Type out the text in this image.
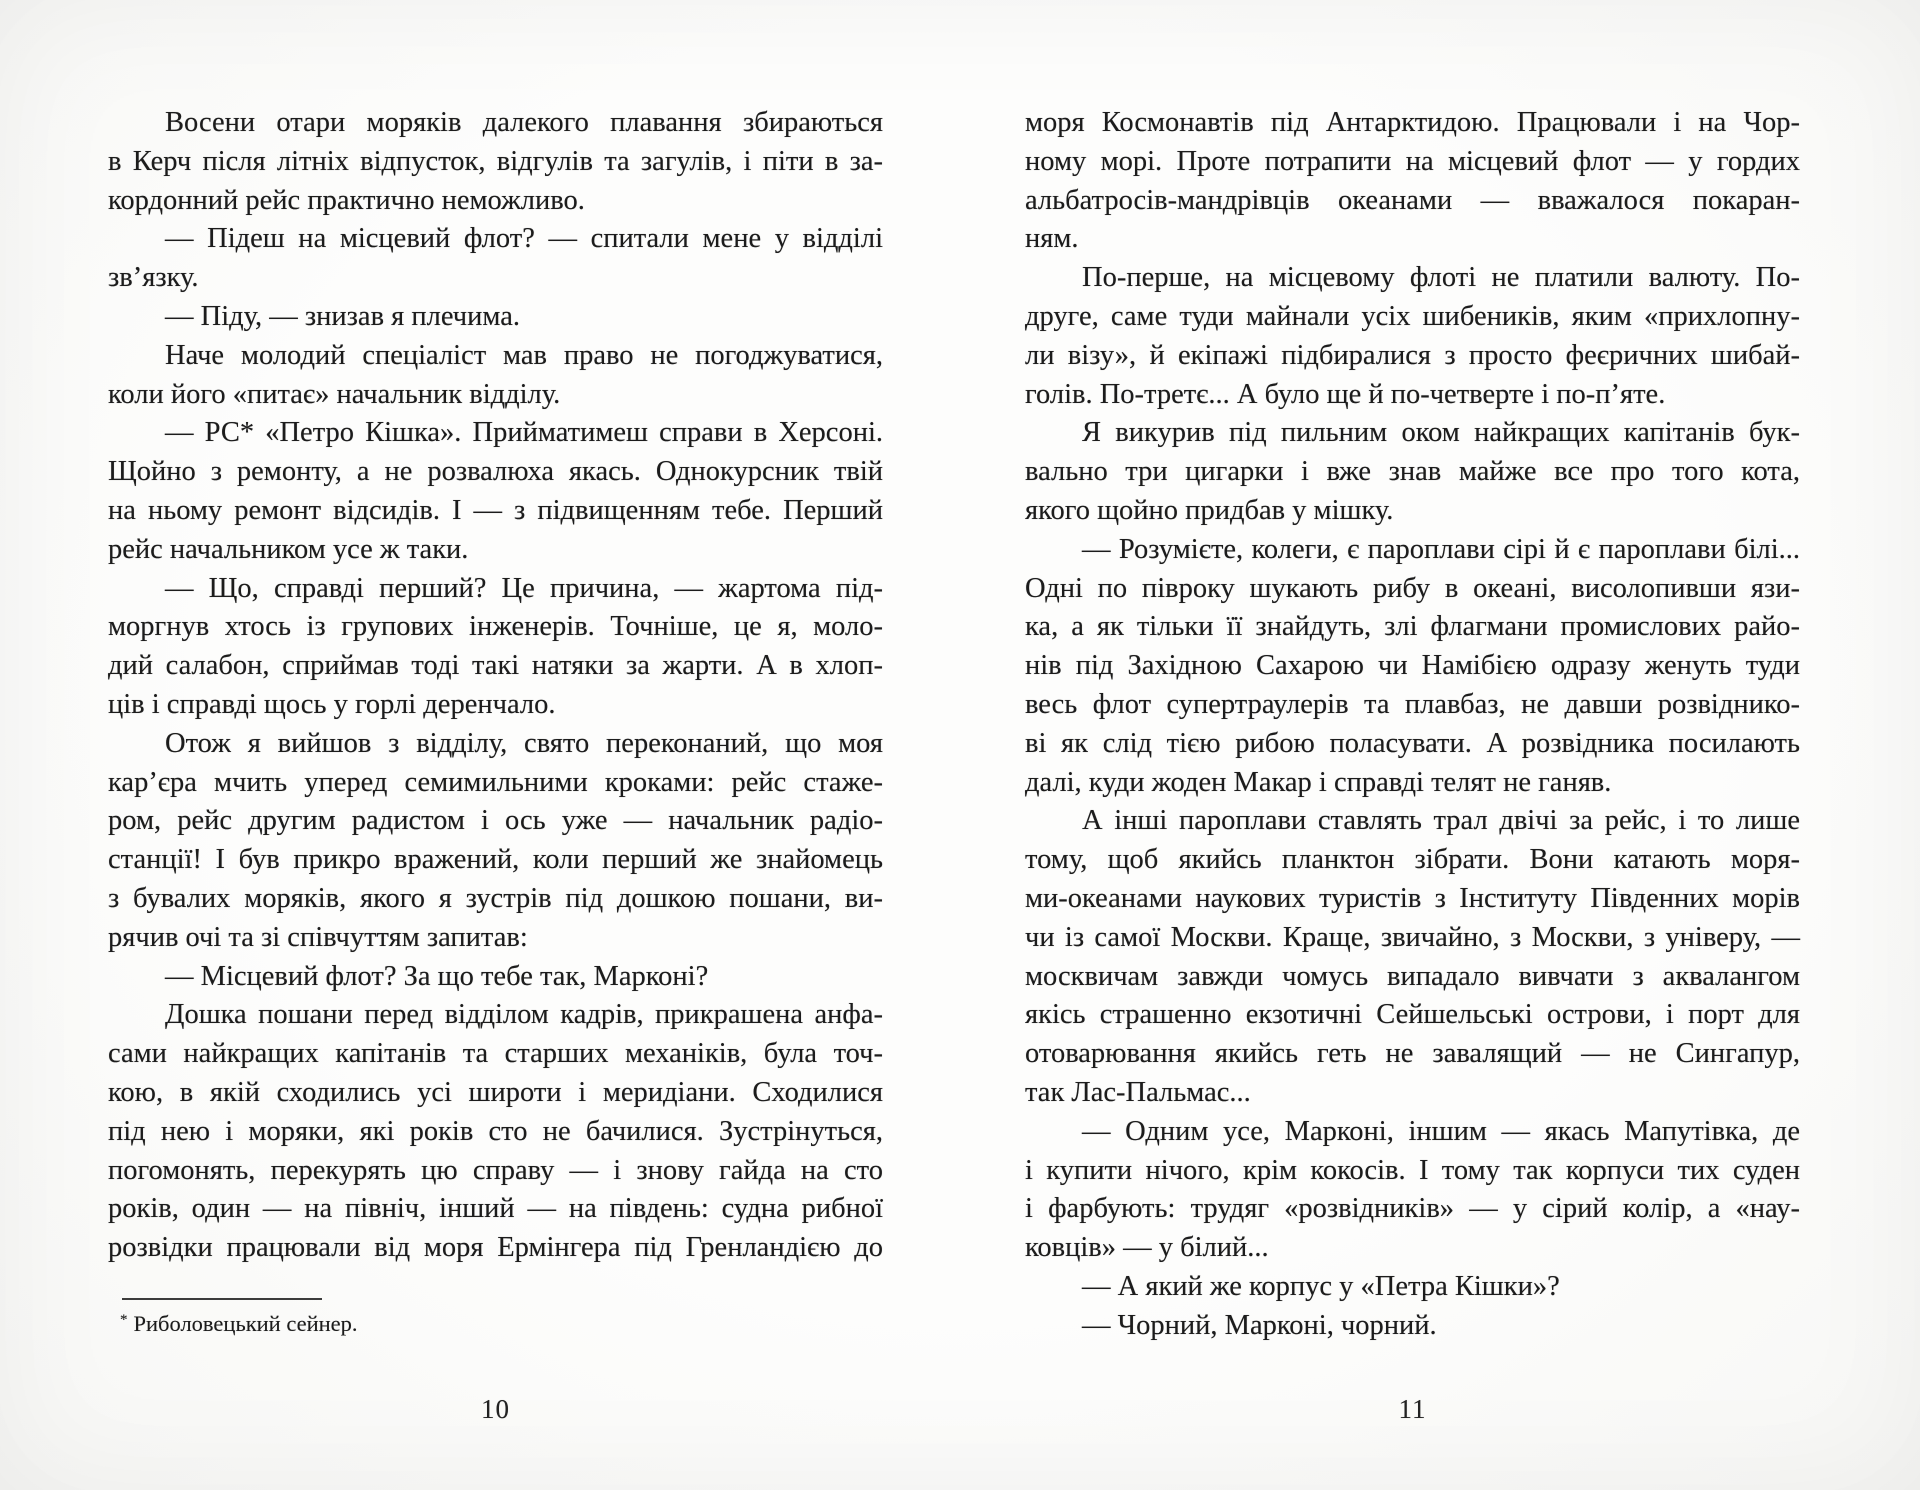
Восени отари моряків далекого плавання збираються
в Керч після літніх відпусток, відгулів та загулів, і піти в за-
кордонний рейс практично неможливо.
— Підеш на місцевий флот? — спитали мене у відділі
зв’язку.
— Піду, — знизав я плечима.
Наче молодий спеціаліст мав право не погоджуватися,
коли його «питає» начальник відділу.
— РС* «Петро Кішка». Прийматимеш справи в Херсоні.
Щойно з ремонту, а не розвалюха якась. Однокурсник твій
на ньому ремонт відсидів. І — з підвищенням тебе. Перший
рейс начальником усе ж таки.
— Що, справді перший? Це причина, — жартома під-
моргнув хтось із групових інженерів. Точніше, це я, моло-
дий салабон, сприймав тоді такі натяки за жарти. А в хлоп-
ців і справді щось у горлі деренчало.
Отож я вийшов з відділу, свято переконаний, що моя
кар’єра мчить уперед семимильними кроками: рейс стаже-
ром, рейс другим радистом і ось уже — начальник радіо-
станції! І був прикро вражений, коли перший же знайомець
з бувалих моряків, якого я зустрів під дошкою пошани, ви-
рячив очі та зі співчуттям запитав:
— Місцевий флот? За що тебе так, Марконі?
Дошка пошани перед відділом кадрів, прикрашена анфа-
сами найкращих капітанів та старших механіків, була точ-
кою, в якій сходились усі широти і меридіани. Сходилися
під нею і моряки, які років сто не бачилися. Зустрінуться,
погомонять, перекурять цю справу — і знову гайда на сто
років, один — на північ, інший — на південь: судна рибної
розвідки працювали від моря Ермінгера під Гренландією до
* Риболовецький сейнер.
10
моря Космонавтів під Антарктидою. Працювали і на Чор-
ному морі. Проте потрапити на місцевий флот — у гордих
альбатросів-мандрівців океанами — вважалося покаран-
ням.
По-перше, на місцевому флоті не платили валюту. По-
друге, саме туди майнали усіх шибеників, яким «прихлопну-
ли візу», й екіпажі підбиралися з просто феєричних шибай-
голів. По-третє... А було ще й по-четверте і по-п’яте.
Я викурив під пильним оком найкращих капітанів бук-
вально три цигарки і вже знав майже все про того кота,
якого щойно придбав у мішку.
— Розумієте, колеги, є пароплави сірі й є пароплави білі...
Одні по півроку шукають рибу в океані, висолопивши язи-
ка, а як тільки її знайдуть, злі флагмани промислових райо-
нів під Західною Сахарою чи Намібією одразу женуть туди
весь флот супертраулерів та плавбаз, не давши розвіднико-
ві як слід тією рибою поласувати. А розвідника посилають
далі, куди жоден Макар і справді телят не ганяв.
А інші пароплави ставлять трал двічі за рейс, і то лише
тому, щоб якийсь планктон зібрати. Вони катають моря-
ми-океанами наукових туристів з Інституту Південних морів
чи із самої Москви. Краще, звичайно, з Москви, з універу, —
москвичам завжди чомусь випадало вивчати з аквалангом
якісь страшенно екзотичні Сейшельські острови, і порт для
отоварювання якийсь геть не завалящий — не Сингапур,
так Лас-Пальмас...
— Одним усе, Марконі, іншим — якась Мапутівка, де
і купити нічого, крім кокосів. І тому так корпуси тих суден
і фарбують: трудяг «розвідників» — у сірий колір, а «нау-
ковців» — у білий...
— А який же корпус у «Петра Кішки»?
— Чорний, Марконі, чорний.
11
